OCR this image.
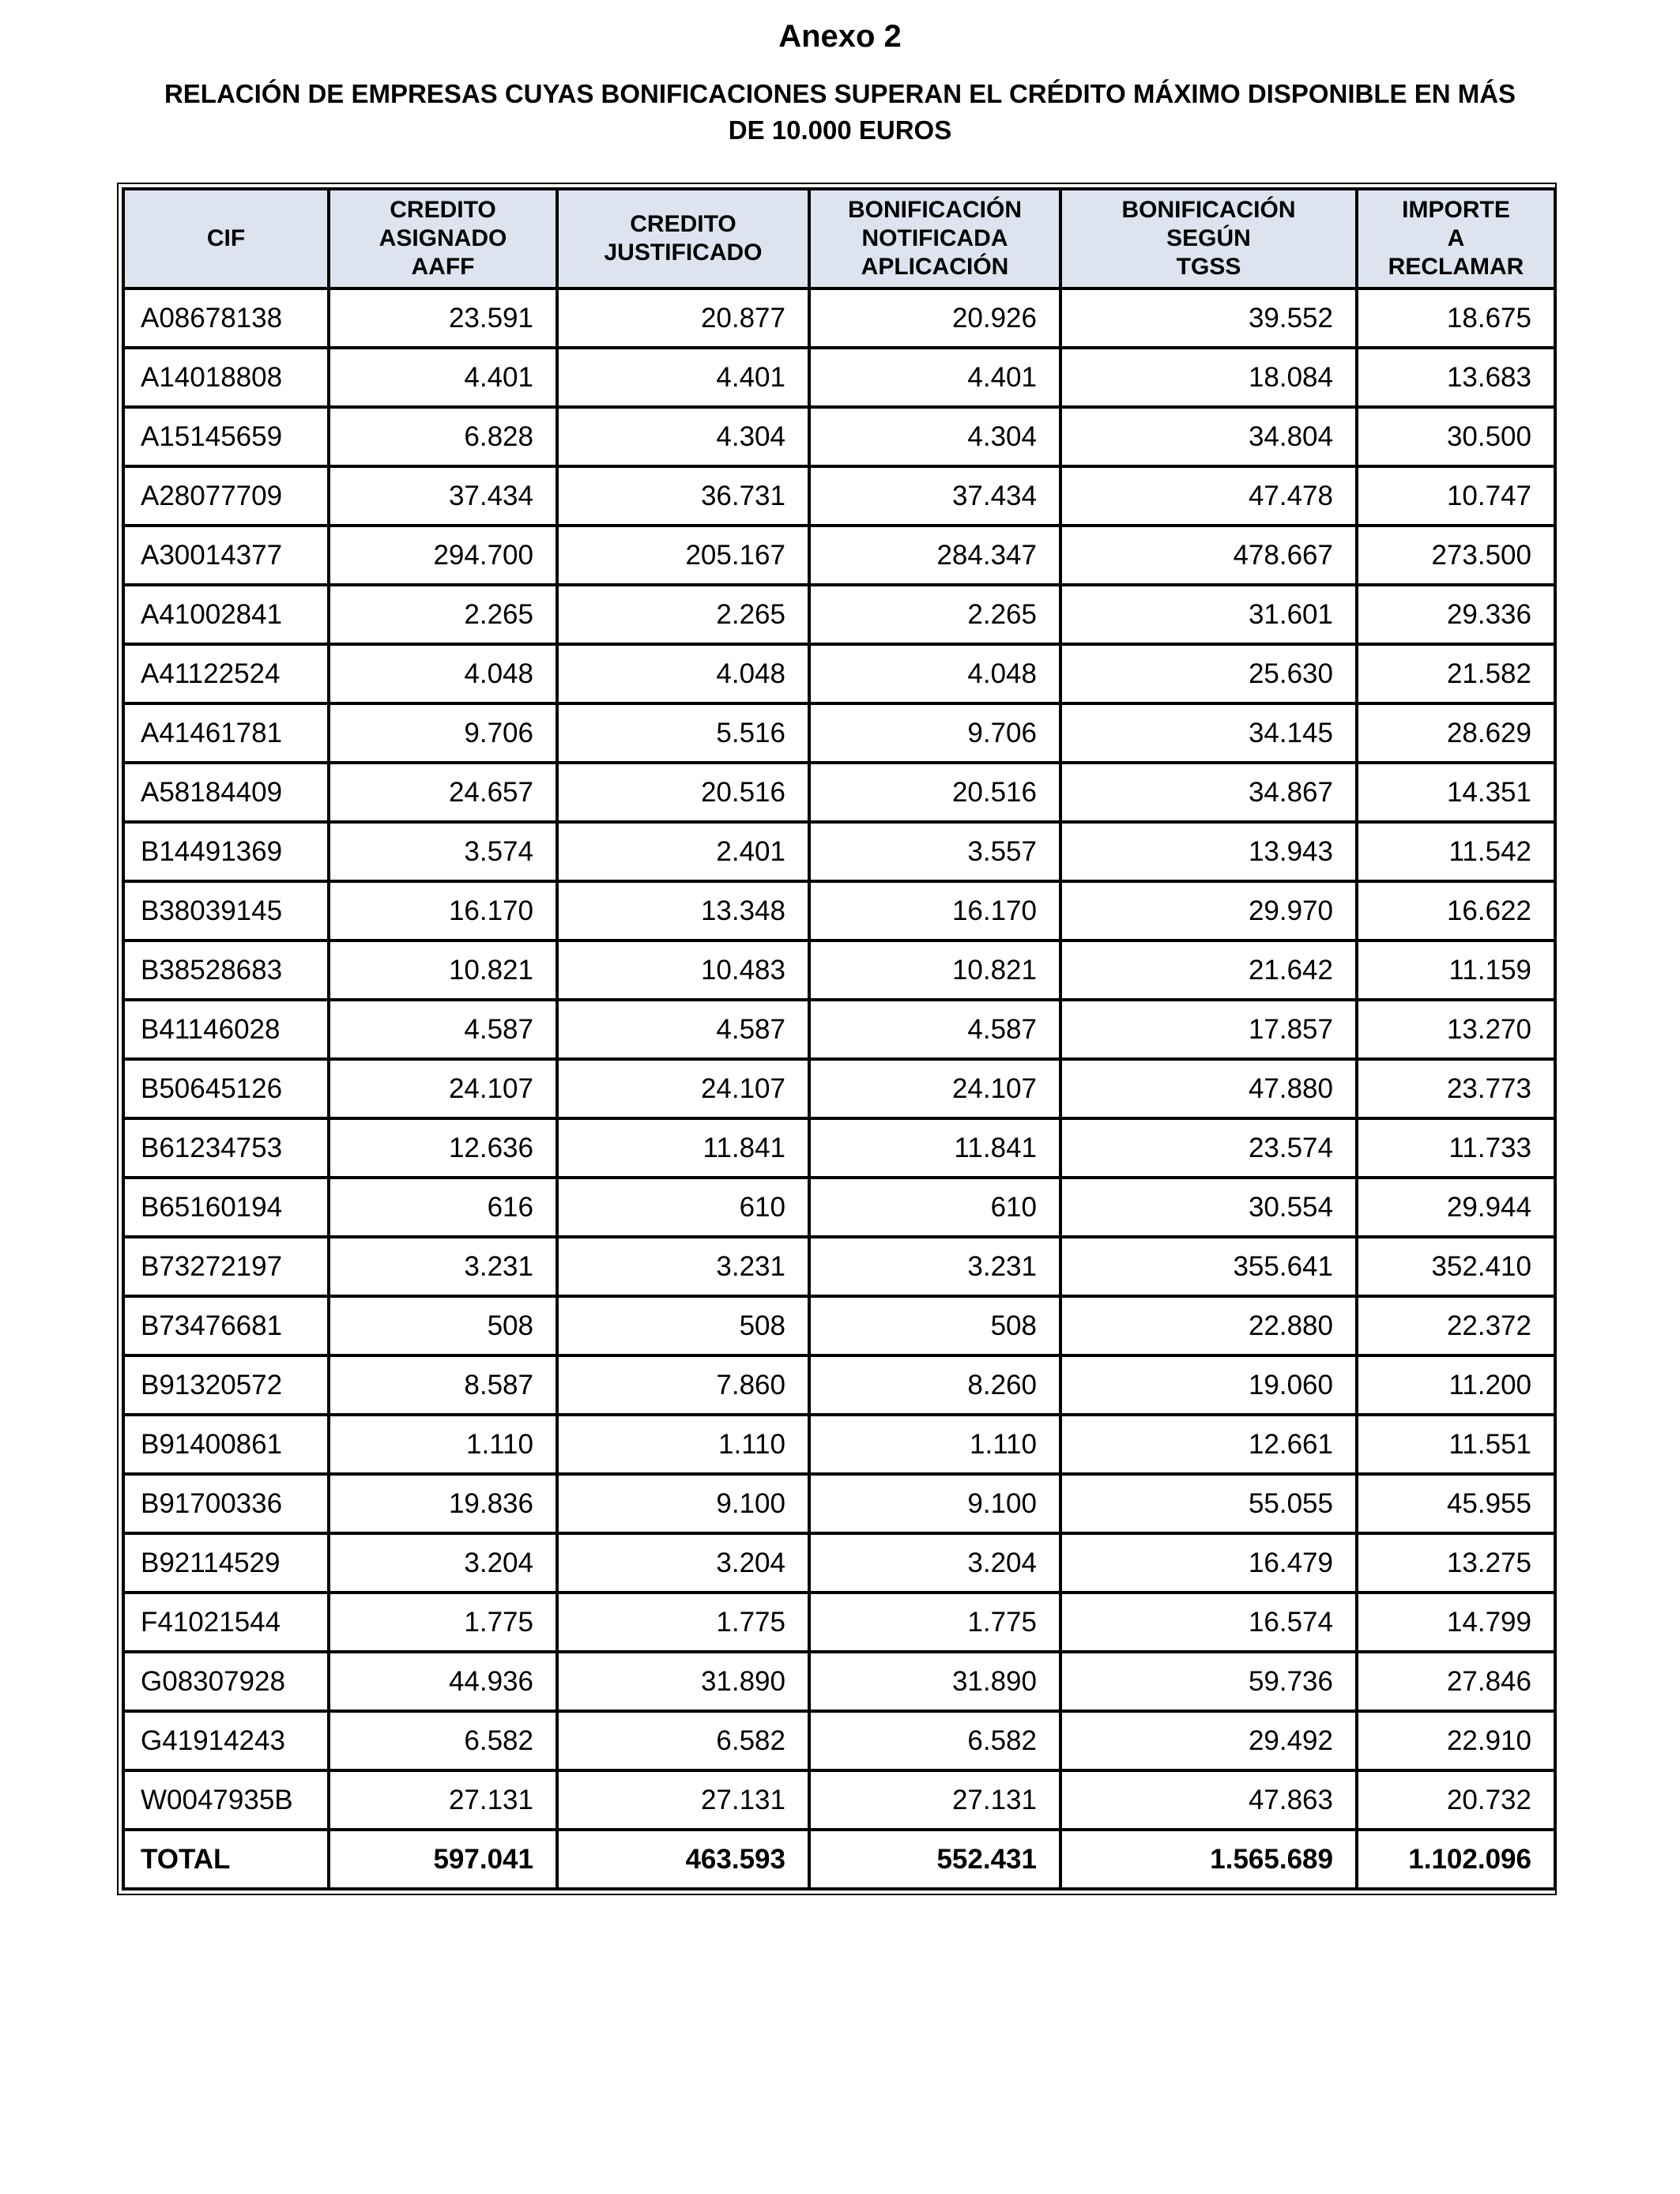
Anexo 2
RELACIÓN DE EMPRESAS CUYAS BONIFICACIONES SUPERAN EL CRÉDITO MÁXIMO DISPONIBLE EN MÁS
DE 10.000 EUROS
CIF	CREDITO
ASIGNADO
AAFF	CREDITO
JUSTIFICADO	BONIFICACIÓN
NOTIFICADA
APLICACIÓN	BONIFICACIÓN
SEGÚN
TGSS	IMPORTE
A
RECLAMAR

A08678138	23.591	20.877	20.926	39.552	18.675
A14018808	4.401	4.401	4.401	18.084	13.683
A15145659	6.828	4.304	4.304	34.804	30.500
A28077709	37.434	36.731	37.434	47.478	10.747
A30014377	294.700	205.167	284.347	478.667	273.500
A41002841	2.265	2.265	2.265	31.601	29.336
A41122524	4.048	4.048	4.048	25.630	21.582
A41461781	9.706	5.516	9.706	34.145	28.629
A58184409	24.657	20.516	20.516	34.867	14.351
B14491369	3.574	2.401	3.557	13.943	11.542
B38039145	16.170	13.348	16.170	29.970	16.622
B38528683	10.821	10.483	10.821	21.642	11.159
B41146028	4.587	4.587	4.587	17.857	13.270
B50645126	24.107	24.107	24.107	47.880	23.773
B61234753	12.636	11.841	11.841	23.574	11.733
B65160194	616	610	610	30.554	29.944
B73272197	3.231	3.231	3.231	355.641	352.410
B73476681	508	508	508	22.880	22.372
B91320572	8.587	7.860	8.260	19.060	11.200
B91400861	1.110	1.110	1.110	12.661	11.551
B91700336	19.836	9.100	9.100	55.055	45.955
B92114529	3.204	3.204	3.204	16.479	13.275
F41021544	1.775	1.775	1.775	16.574	14.799
G08307928	44.936	31.890	31.890	59.736	27.846
G41914243	6.582	6.582	6.582	29.492	22.910
W0047935B	27.131	27.131	27.131	47.863	20.732
TOTAL	597.041	463.593	552.431	1.565.689	1.102.096
